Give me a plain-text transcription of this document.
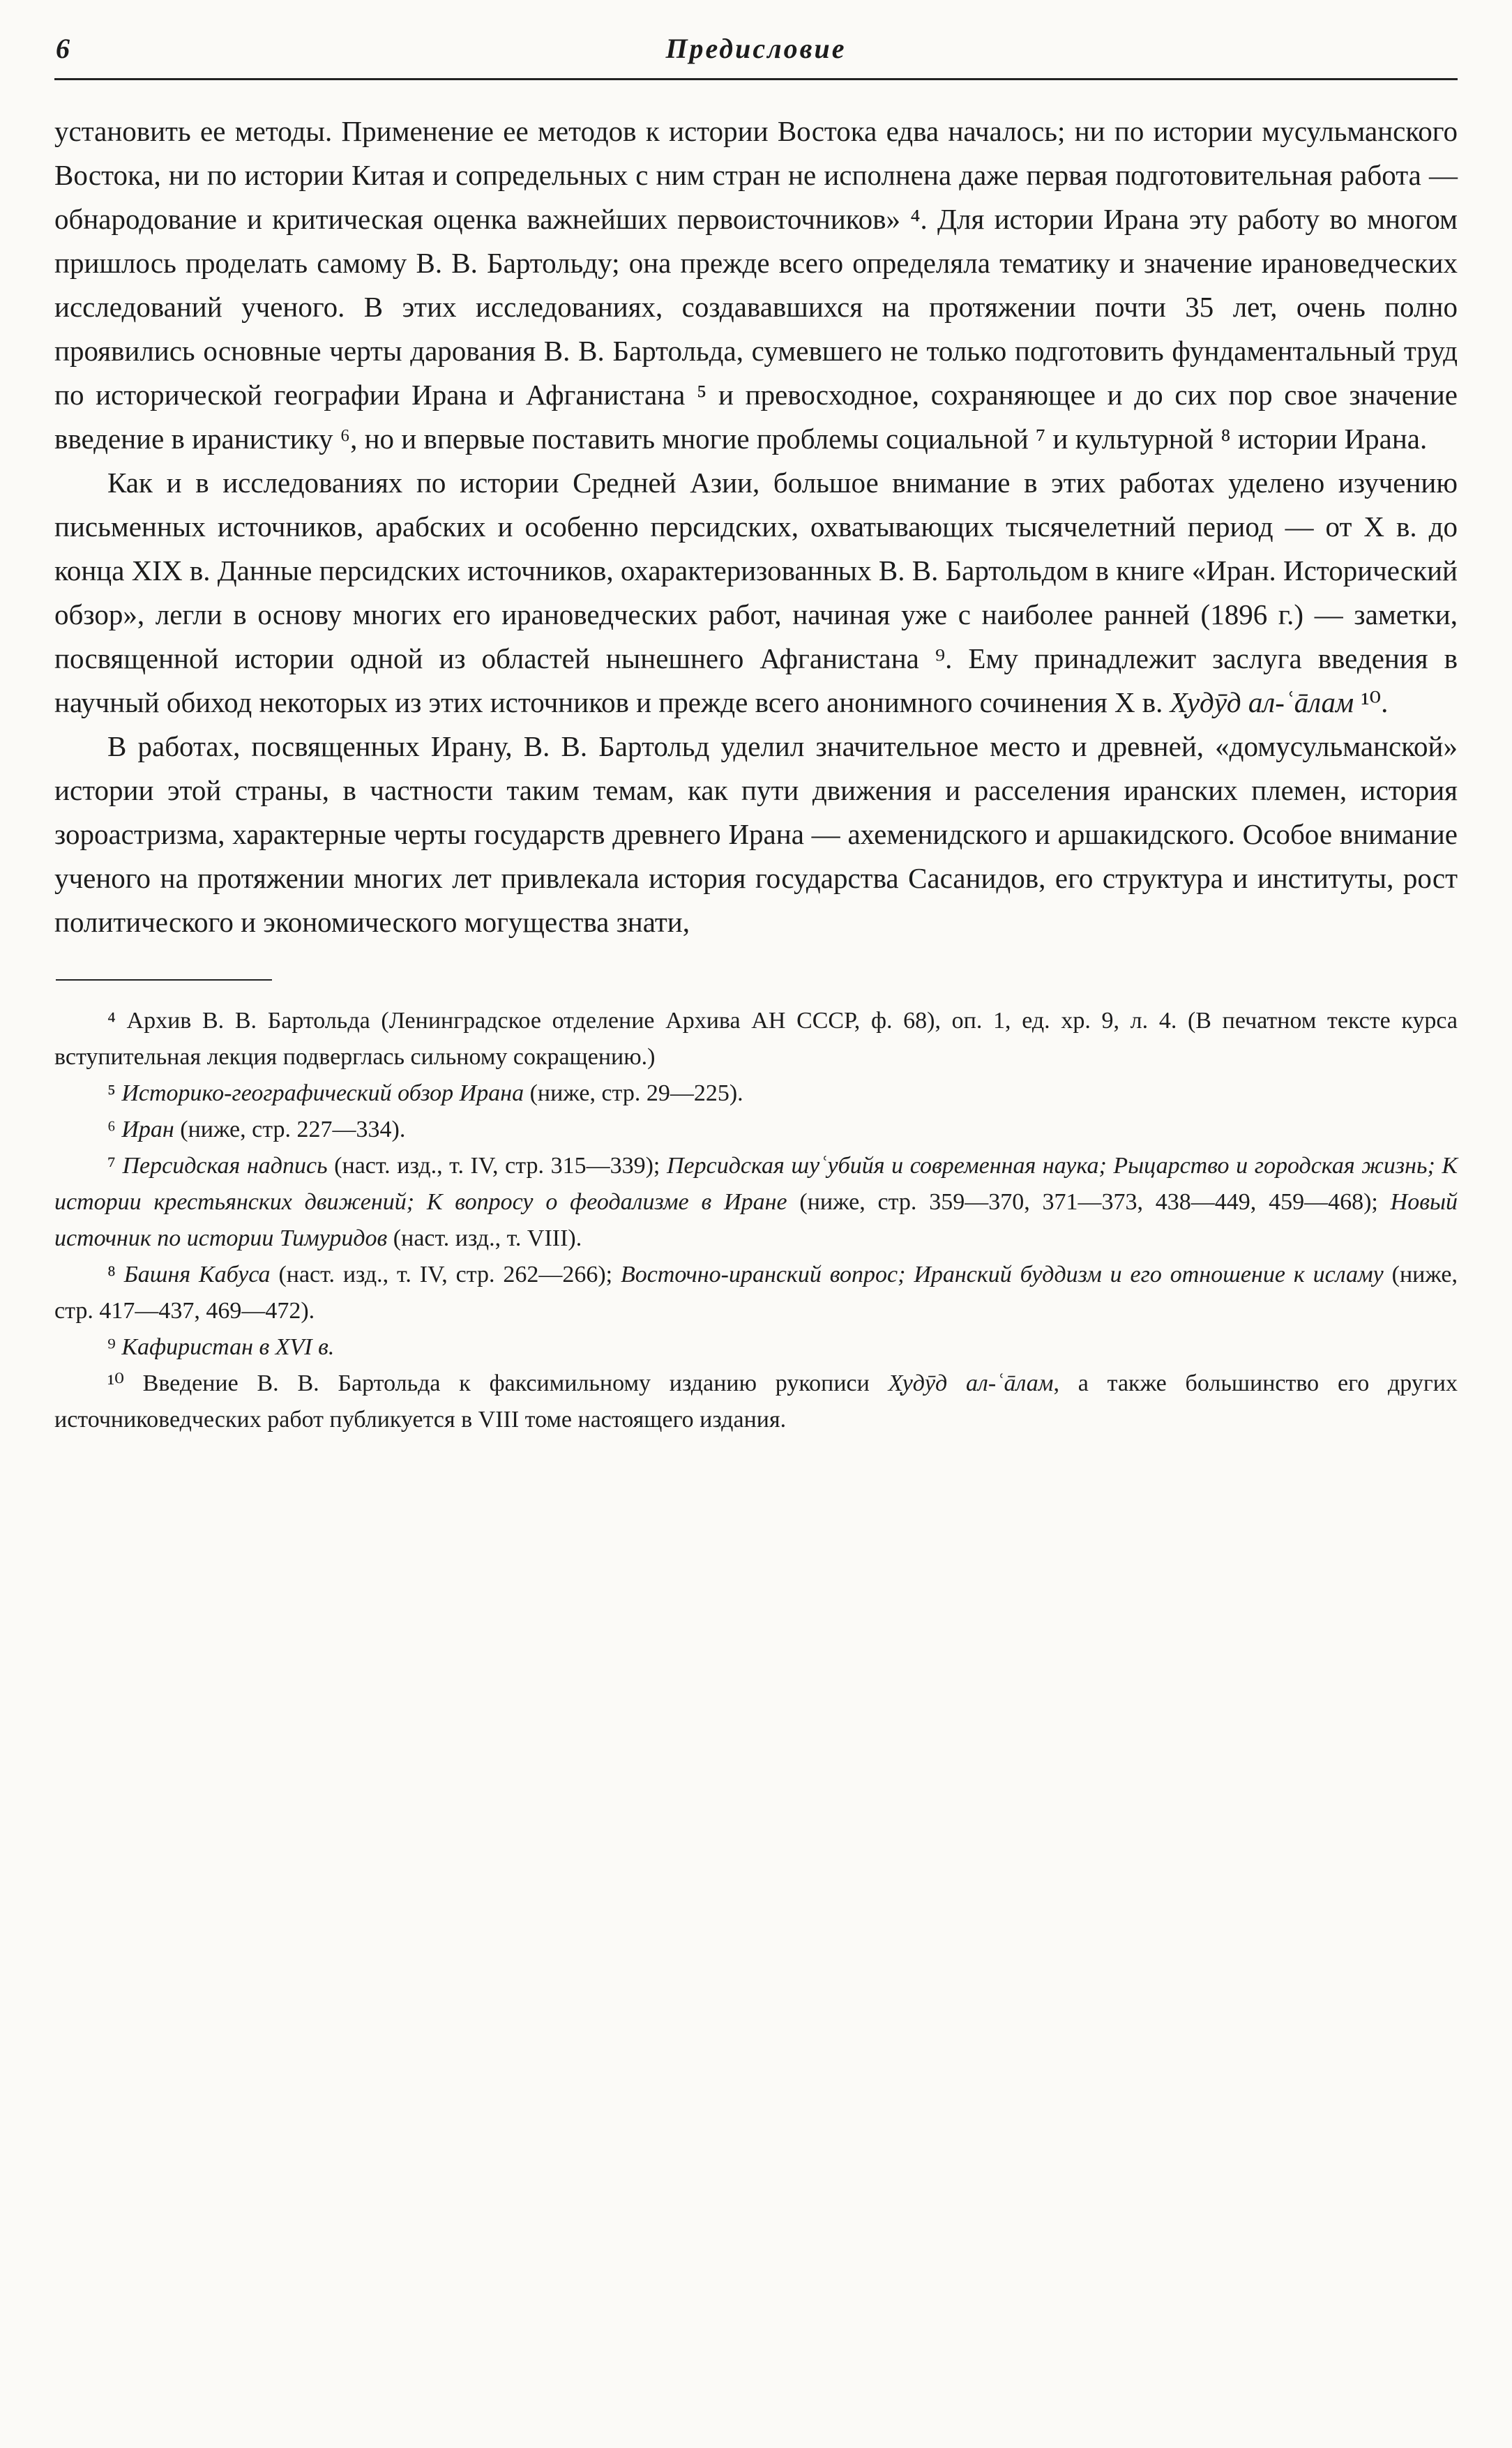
6	Предисловие

установить ее методы. Применение ее методов к истории Востока едва началось; ни по истории мусульманского Востока, ни по истории Китая и сопредельных с ним стран не исполнена даже первая подготовительная работа — обнародование и критическая оценка важнейших первоисточников» ⁴. Для истории Ирана эту работу во многом пришлось проделать самому В. В. Бартольду; она прежде всего определяла тематику и значение ирановедческих исследований ученого. В этих исследованиях, создававшихся на протяжении почти 35 лет, очень полно проявились основные черты дарования В. В. Бартольда, сумевшего не только подготовить фундаментальный труд по исторической географии Ирана и Афганистана ⁵ и превосходное, сохраняющее и до сих пор свое значение введение в иранистику ⁶, но и впервые поставить многие проблемы социальной ⁷ и культурной ⁸ истории Ирана.

Как и в исследованиях по истории Средней Азии, большое внимание в этих работах уделено изучению письменных источников, арабских и особенно персидских, охватывающих тысячелетний период — от X в. до конца XIX в. Данные персидских источников, охарактеризованных В. В. Бартольдом в книге «Иран. Исторический обзор», легли в основу многих его ирановедческих работ, начиная уже с наиболее ранней (1896 г.) — заметки, посвященной истории одной из областей нынешнего Афганистана ⁹. Ему принадлежит заслуга введения в научный обиход некоторых из этих источников и прежде всего анонимного сочинения X в. Х̣удӯд ал-ʿāлам ¹⁰.

В работах, посвященных Ирану, В. В. Бартольд уделил значительное место и древней, «домусульманской» истории этой страны, в частности таким темам, как пути движения и расселения иранских племен, история зороастризма, характерные черты государств древнего Ирана — ахеменидского и аршакидского. Особое внимание ученого на протяжении многих лет привлекала история государства Сасанидов, его структура и институты, рост политического и экономического могущества знати,

⁴ Архив В. В. Бартольда (Ленинградское отделение Архива АН СССР, ф. 68), оп. 1, ед. хр. 9, л. 4. (В печатном тексте курса вступительная лекция подверглась сильному сокращению.)

⁵ Историко-географический обзор Ирана (ниже, стр. 29—225).

⁶ Иран (ниже, стр. 227—334).

⁷ Персидская надпись (наст. изд., т. IV, стр. 315—339); Персидская шуʿубийя и современная наука; Рыцарство и городская жизнь; К истории крестьянских движений; К вопросу о феодализме в Иране (ниже, стр. 359—370, 371—373, 438—449, 459—468); Новый источник по истории Тимуридов (наст. изд., т. VIII).

⁸ Башня Кабуса (наст. изд., т. IV, стр. 262—266); Восточно-иранский вопрос; Иранский буддизм и его отношение к исламу (ниже, стр. 417—437, 469—472).

⁹ Кафиристан в XVI в.

¹⁰ Введение В. В. Бартольда к факсимильному изданию рукописи Х̣удӯд ал-ʿāлам, а также большинство его других источниковедческих работ публикуется в VIII томе настоящего издания.
